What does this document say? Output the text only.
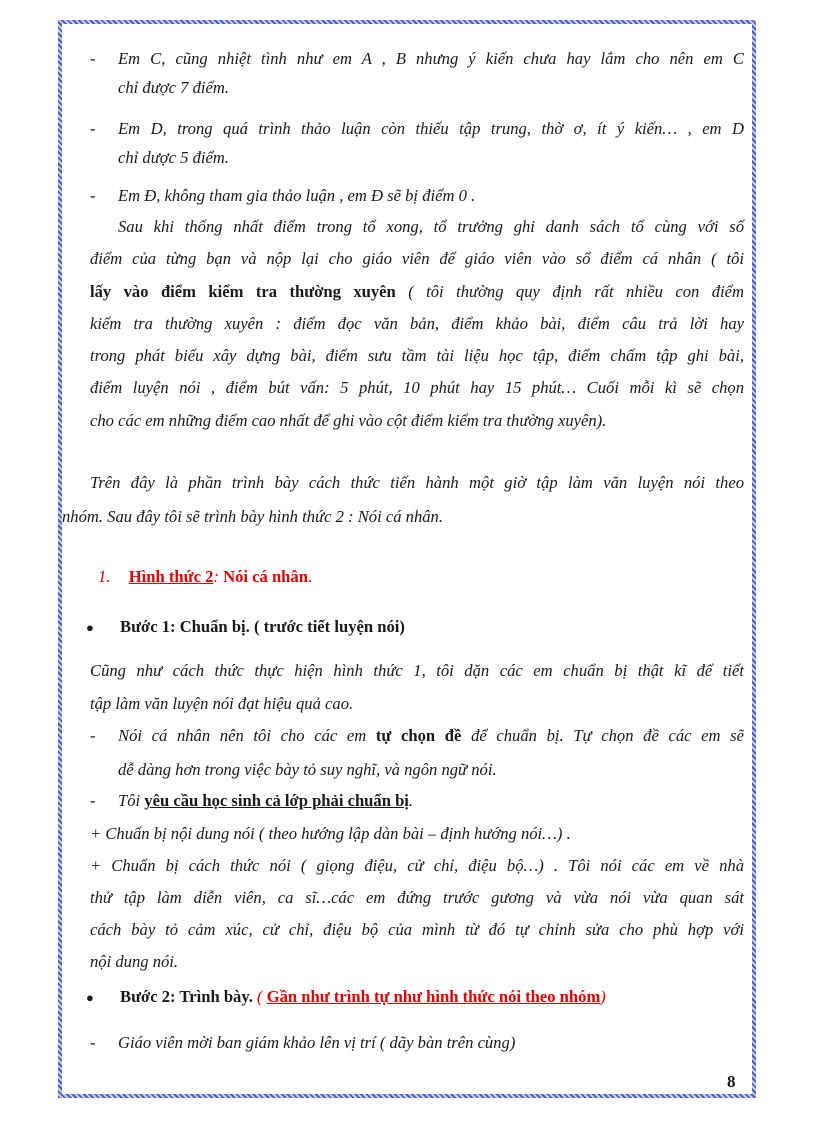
-	Em C, cũng nhiệt tình như em A , B nhưng ý kiến chưa hay lắm cho nên em C
chỉ được 7 điểm.
-	Em D, trong quá trình thảo luận còn thiếu tập trung, thờ ơ, ít ý kiến… , em D
chỉ dược 5 điểm.
-	Em Đ, không tham gia thảo luận , em Đ sẽ bị điểm 0 .
Sau khi thống nhất điểm trong tổ xong, tổ trưởng ghi danh sách tổ cùng với số
điểm của từng bạn và nộp lại cho giáo viên để giáo viên vào sổ điểm cá nhân ( tôi
lấy vào điểm kiểm tra thường xuyên ( tôi thường quy định rất nhiều con điểm
kiểm tra thường xuyên : điểm đọc văn bản, điểm khảo bài, điểm câu trả lời hay
trong phát biểu xây dựng bài, điểm sưu tầm tài liệu học tập, điểm chấm tập ghi bài,
điểm luyện nói , điểm bút vấn: 5 phút, 10 phút hay 15 phút… Cuối mỗi kì sẽ chọn
cho các em những điểm cao nhất để ghi vào cột điểm kiểm tra thường xuyên).
Trên đây là phần trình bày cách thức tiến hành một giờ tập làm văn luyện nói theo
nhóm. Sau đây tôi sẽ trình bày hình thức 2 : Nói cá nhân.
1. Hình thức 2: Nói cá nhân.
●	Bước 1: Chuẩn bị. ( trước tiết luyện nói)
Cũng như cách thức thực hiện hình thức 1, tôi dặn các em chuẩn bị thật kĩ để tiết
tập làm văn luyện nói đạt hiệu quả cao.
-	Nói cá nhân nên tôi cho các em tự chọn đề để chuẩn bị. Tự chọn đề các em sẽ
dễ dàng hơn trong việc bày tỏ suy nghĩ, và ngôn ngữ nói.
-	Tôi yêu cầu học sinh cả lớp phải chuẩn bị.
+ Chuẩn bị nội dung nói ( theo hướng lập dàn bài – định hướng nói…) .
+ Chuẩn bị cách thức nói ( giọng điệu, cử chỉ, điệu bộ…) . Tôi nói các em về nhà
thử tập làm diễn viên, ca sĩ…các em đứng trước gương và vừa nói vừa quan sát
cách bày tỏ cảm xúc, cử chỉ, điệu bộ của mình từ đó tự chỉnh sửa cho phù hợp với
nội dung nói.
●	Bước 2: Trình bày. ( Gần như trình tự như hình thức nói theo nhóm)
-	Giáo viên mời ban giám khảo lên vị trí ( dãy bàn trên cùng)
8
